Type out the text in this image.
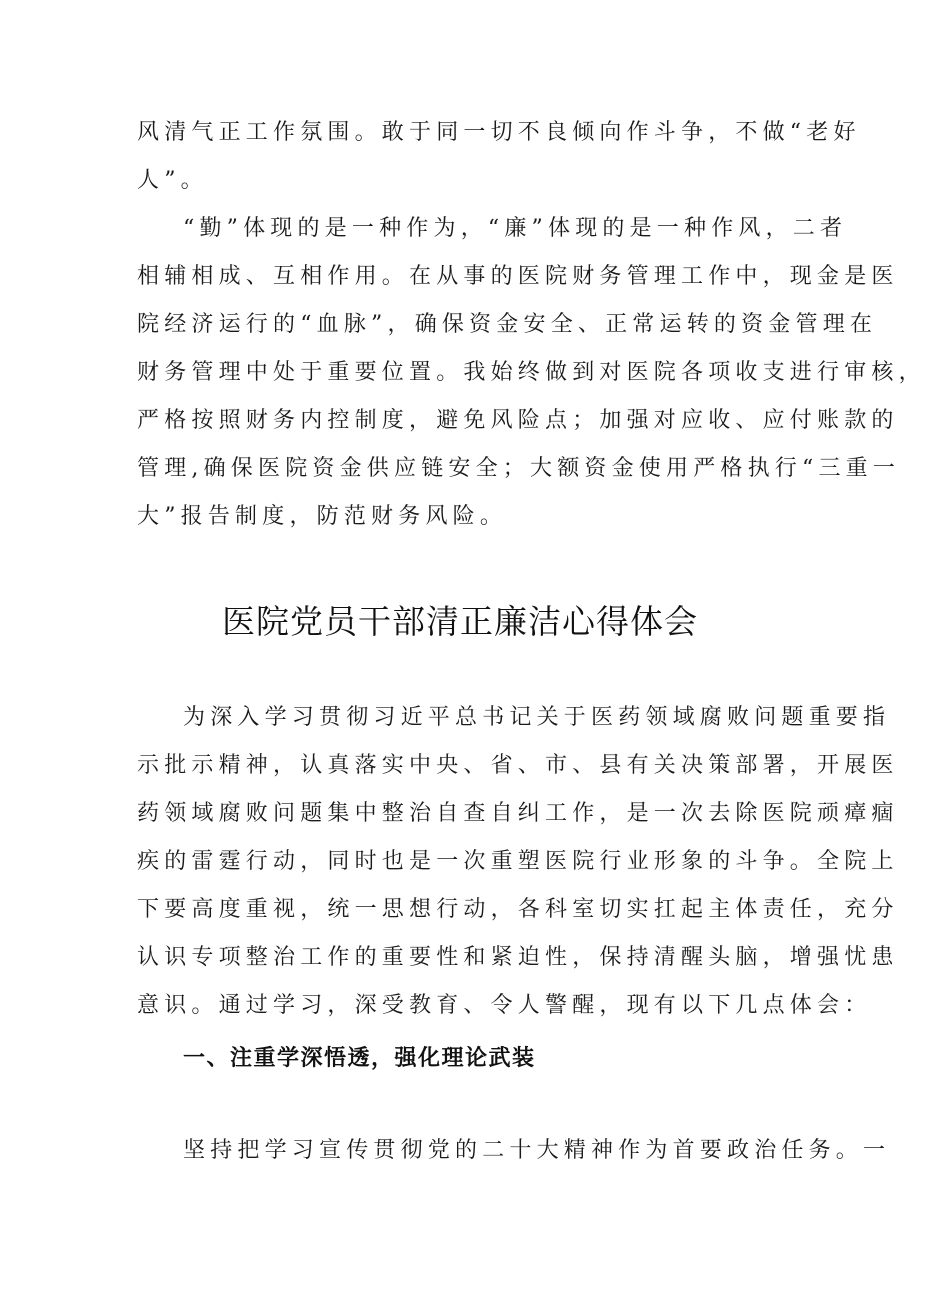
风清气正工作氛围。敢于同一切不良倾向作斗争，不做“老好
人”。
“勤”体现的是一种作为，“廉”体现的是一种作风，二者
相辅相成、互相作用。在从事的医院财务管理工作中，现金是医
院经济运行的“血脉”，确保资金安全、正常运转的资金管理在
财务管理中处于重要位置。我始终做到对医院各项收支进行审核，
严格按照财务内控制度，避免风险点；加强对应收、应付账款的
管理,确保医院资金供应链安全；大额资金使用严格执行“三重一
大”报告制度，防范财务风险。
医院党员干部清正廉洁心得体会
为深入学习贯彻习近平总书记关于医药领域腐败问题重要指
示批示精神，认真落实中央、省、市、县有关决策部署，开展医
药领域腐败问题集中整治自查自纠工作，是一次去除医院顽瘴痼
疾的雷霆行动，同时也是一次重塑医院行业形象的斗争。全院上
下要高度重视，统一思想行动，各科室切实扛起主体责任，充分
认识专项整治工作的重要性和紧迫性，保持清醒头脑，增强忧患
意识。通过学习，深受教育、令人警醒，现有以下几点体会：
一、注重学深悟透，强化理论武装
坚持把学习宣传贯彻党的二十大精神作为首要政治任务。一
